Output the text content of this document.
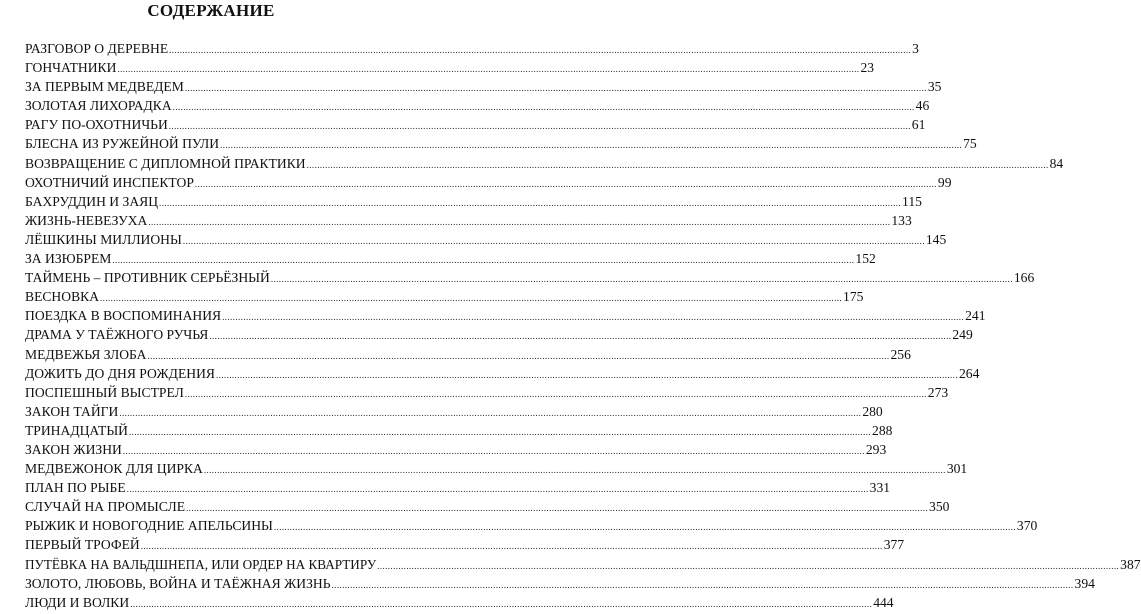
СОДЕРЖАНИЕ
РАЗГОВОР О ДЕРЕВНЕ .....	3
ГОНЧАТНИКИ .....	23
ЗА ПЕРВЫМ МЕДВЕДЕМ .....	35
ЗОЛОТАЯ ЛИХОРАДКА .....	46
РАГУ ПО-ОХОТНИЧЬИ .....	61
БЛЕСНА ИЗ РУЖЕЙНОЙ ПУЛИ .....	75
ВОЗВРАЩЕНИЕ С ДИПЛОМНОЙ ПРАКТИКИ .....	84
ОХОТНИЧИЙ ИНСПЕКТОР .....	99
БАХРУДДИН И ЗАЯЦ .....	115
ЖИЗНЬ-НЕВЕЗУХА .....	133
ЛЁШКИНЫ МИЛЛИОНЫ .....	145
ЗА ИЗЮБРЕМ .....	152
ТАЙМЕНЬ – ПРОТИВНИК СЕРЬЁЗНЫЙ .....	166
ВЕСНОВКА .....	175
ПОЕЗДКА В ВОСПОМИНАНИЯ .....	241
ДРАМА У ТАЁЖНОГО РУЧЬЯ .....	249
МЕДВЕЖЬЯ ЗЛОБА .....	256
ДОЖИТЬ ДО ДНЯ РОЖДЕНИЯ .....	264
ПОСПЕШНЫЙ ВЫСТРЕЛ .....	273
ЗАКОН ТАЙГИ .....	280
ТРИНАДЦАТЫЙ .....	288
ЗАКОН ЖИЗНИ .....	293
МЕДВЕЖОНОК ДЛЯ ЦИРКА .....	301
ПЛАН ПО РЫБЕ .....	331
СЛУЧАЙ НА ПРОМЫСЛЕ .....	350
РЫЖИК И НОВОГОДНИЕ АПЕЛЬСИНЫ .....	370
ПЕРВЫЙ ТРОФЕЙ .....	377
ПУТЁВКА НА ВАЛЬДШНЕПА, ИЛИ ОРДЕР НА КВАРТИРУ .....	387
ЗОЛОТО, ЛЮБОВЬ, ВОЙНА И ТАЁЖНАЯ ЖИЗНЬ .....	394
ЛЮДИ И ВОЛКИ .....	444
